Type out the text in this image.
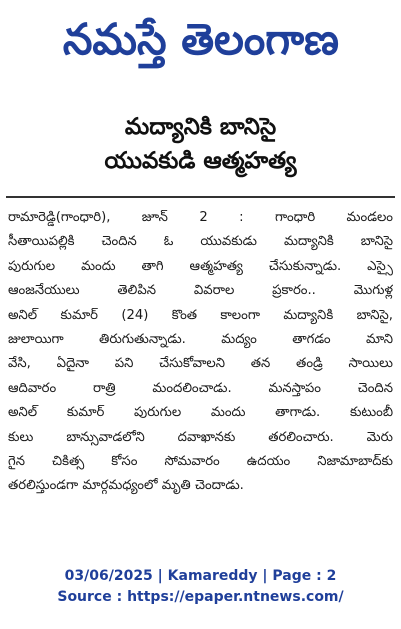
నమస్తే తెలంగాణ
మద్యానికి బానిసై
యువకుడి ఆత్మహత్య
రామారెడ్డి(గాంధారి), జూన్ 2 : గాంధారి మండలం
సీతాయిపల్లికి చెందిన ఓ యువకుడు మద్యానికి బానిసై
పురుగుల మందు తాగి ఆత్మహత్య చేసుకున్నాడు. ఎస్సై
ఆంజనేయులు తెలిపిన వివరాల ప్రకారం.. మొగుళ్ల
అనిల్ కుమార్ (24) కొంత కాలంగా మద్యానికి బానిసై,
జులాయిగా తిరుగుతున్నాడు. మద్యం తాగడం మాని
వేసి, ఏదైనా పని చేసుకోవాలని తన తండ్రి సాయిలు
ఆదివారం రాత్రి మందలించాడు. మనస్తాపం చెందిన
అనిల్ కుమార్ పురుగుల మందు తాగాడు. కుటుంబీ
కులు బాన్సువాడలోని దవాఖానకు తరలించారు. మెరు
గైన చికిత్స కోసం సోమవారం ఉదయం నిజామాబాద్‌కు
తరలిస్తుండగా మార్గమధ్యంలో మృతి చెందాడు.
03/06/2025 | Kamareddy | Page : 2
Source : https://epaper.ntnews.com/
